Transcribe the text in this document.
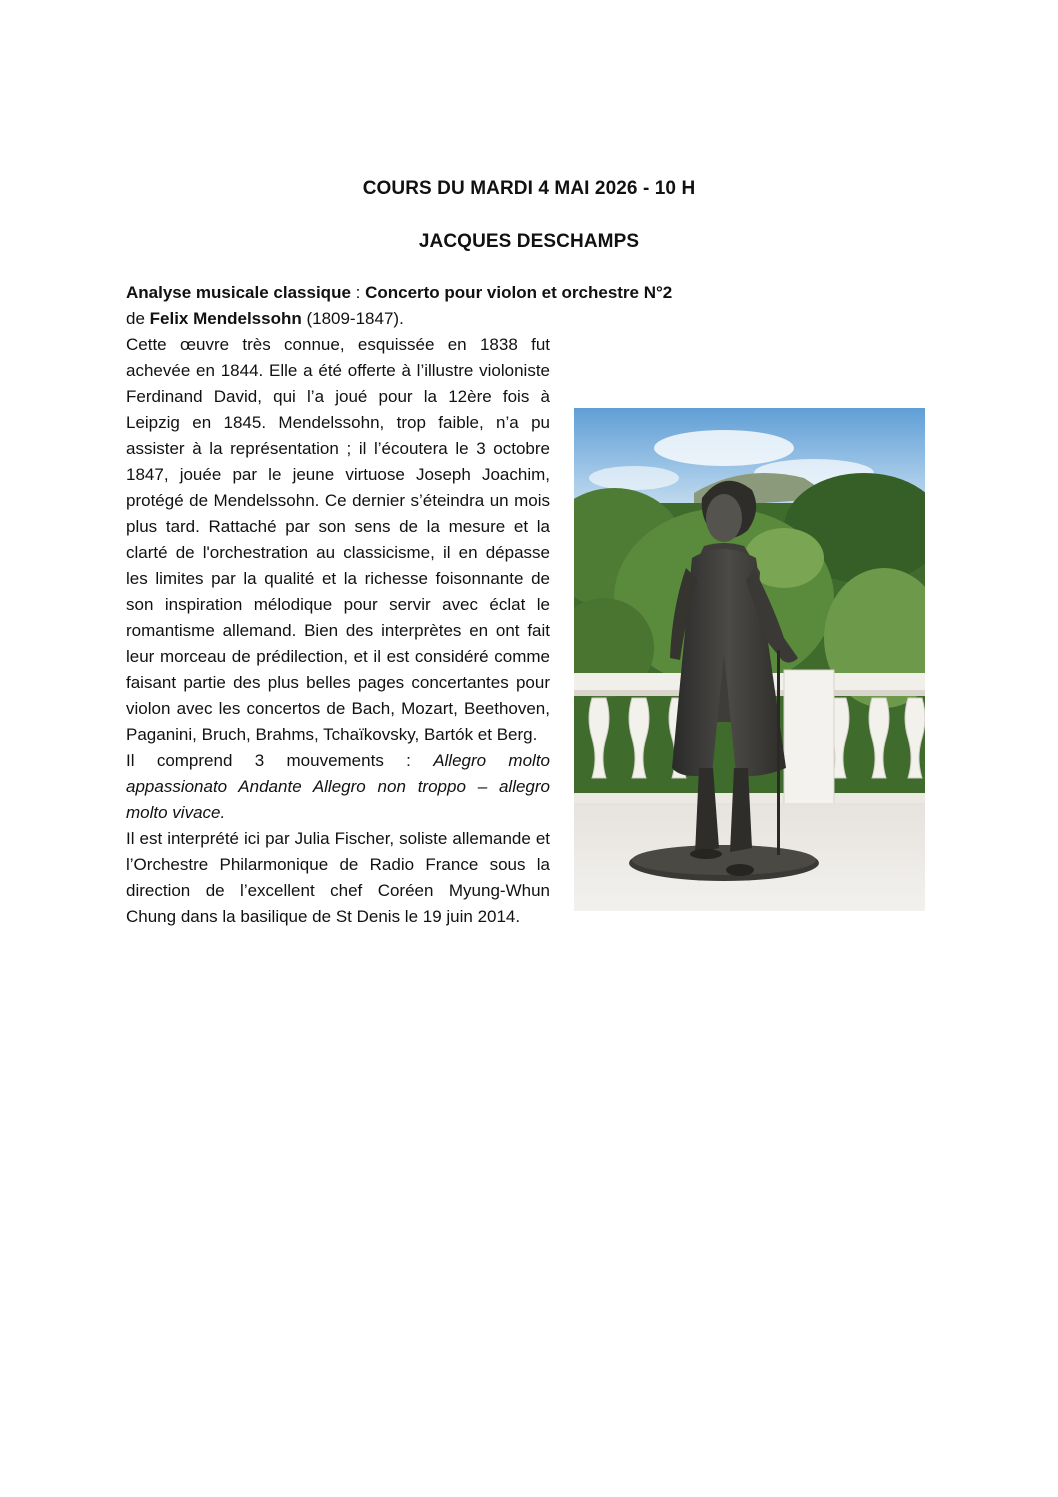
COURS DU MARDI 4 MAI 2026 - 10 H
JACQUES DESCHAMPS
Analyse musicale classique : Concerto pour violon et orchestre N°2
de Felix Mendelssohn (1809-1847).

Cette œuvre très connue, esquissée en 1838 fut achevée en 1844. Elle a été offerte à l’illustre violoniste Ferdinand David, qui l’a joué pour la 12ère fois à Leipzig en 1845. Mendelssohn, trop faible, n’a pu assister à la représentation ; il l’écoutera le 3 octobre 1847, jouée par le jeune virtuose Joseph Joachim, protégé de Mendelssohn. Ce dernier s’éteindra un mois plus tard. Rattaché par son sens de la mesure et la clarté de l'orchestration au classicisme, il en dépasse les limites par la qualité et la richesse foisonnante de son inspiration mélodique pour servir avec éclat le romantisme allemand. Bien des interprètes en ont fait leur morceau de prédilection, et il est considéré comme faisant partie des plus belles pages concertantes pour violon avec les concertos de Bach, Mozart, Beethoven, Paganini, Bruch, Brahms, Tchaïkovsky, Bartók et Berg.

Il comprend 3 mouvements : Allegro molto appassionato Andante Allegro non troppo – allegro molto vivace.

Il est interprété ici par Julia Fischer, soliste allemande et l’Orchestre Philarmonique de Radio France sous la direction de l’excellent chef Coréen Myung-Whun Chung dans la basilique de St Denis le 19 juin 2014.
